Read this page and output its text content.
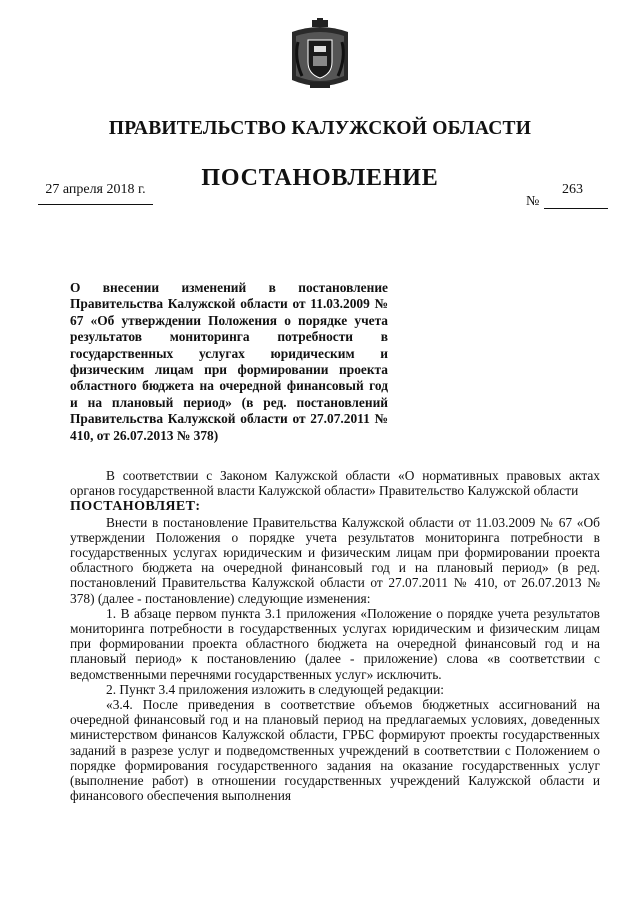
ПРАВИТЕЛЬСТВО КАЛУЖСКОЙ ОБЛАСТИ
ПОСТАНОВЛЕНИЕ
27 апреля 2018 г.	263
№
О внесении изменений в постановление Правительства Калужской области от 11.03.2009 № 67 «Об утверждении Положения о порядке учета результатов мониторинга потребности в государственных услугах юридическим и физическим лицам при формировании проекта областного бюджета на очередной финансовый год и на плановый период» (в ред. постановлений Правительства Калужской области от 27.07.2011 № 410, от 26.07.2013 № 378)

В соответствии с Законом Калужской области «О нормативных правовых актах органов государственной власти Калужской области» Правительство Калужской области

ПОСТАНОВЛЯЕТ:

Внести в постановление Правительства Калужской области от 11.03.2009 № 67 «Об утверждении Положения о порядке учета результатов мониторинга потребности в государственных услугах юридическим и физическим лицам при формировании проекта областного бюджета на очередной финансовый год и на плановый период» (в ред. постановлений Правительства Калужской области от 27.07.2011 № 410, от 26.07.2013 № 378) (далее - постановление) следующие изменения:

1. В абзаце первом пункта 3.1 приложения «Положение о порядке учета результатов мониторинга потребности в государственных услугах юридическим и физическим лицам при формировании проекта областного бюджета на очередной финансовый год и на плановый период» к постановлению (далее - приложение) слова «в соответствии с ведомственными перечнями государственных услуг» исключить.

2. Пункт 3.4 приложения изложить в следующей редакции:

«3.4. После приведения в соответствие объемов бюджетных ассигнований на очередной финансовый год и на плановый период на предлагаемых условиях, доведенных министерством финансов Калужской области, ГРБС формируют проекты государственных заданий в разрезе услуг и подведомственных учреждений в соответствии с Положением о порядке формирования государственного задания на оказание государственных услуг (выполнение работ) в отношении государственных учреждений Калужской области и финансового обеспечения выполнения
